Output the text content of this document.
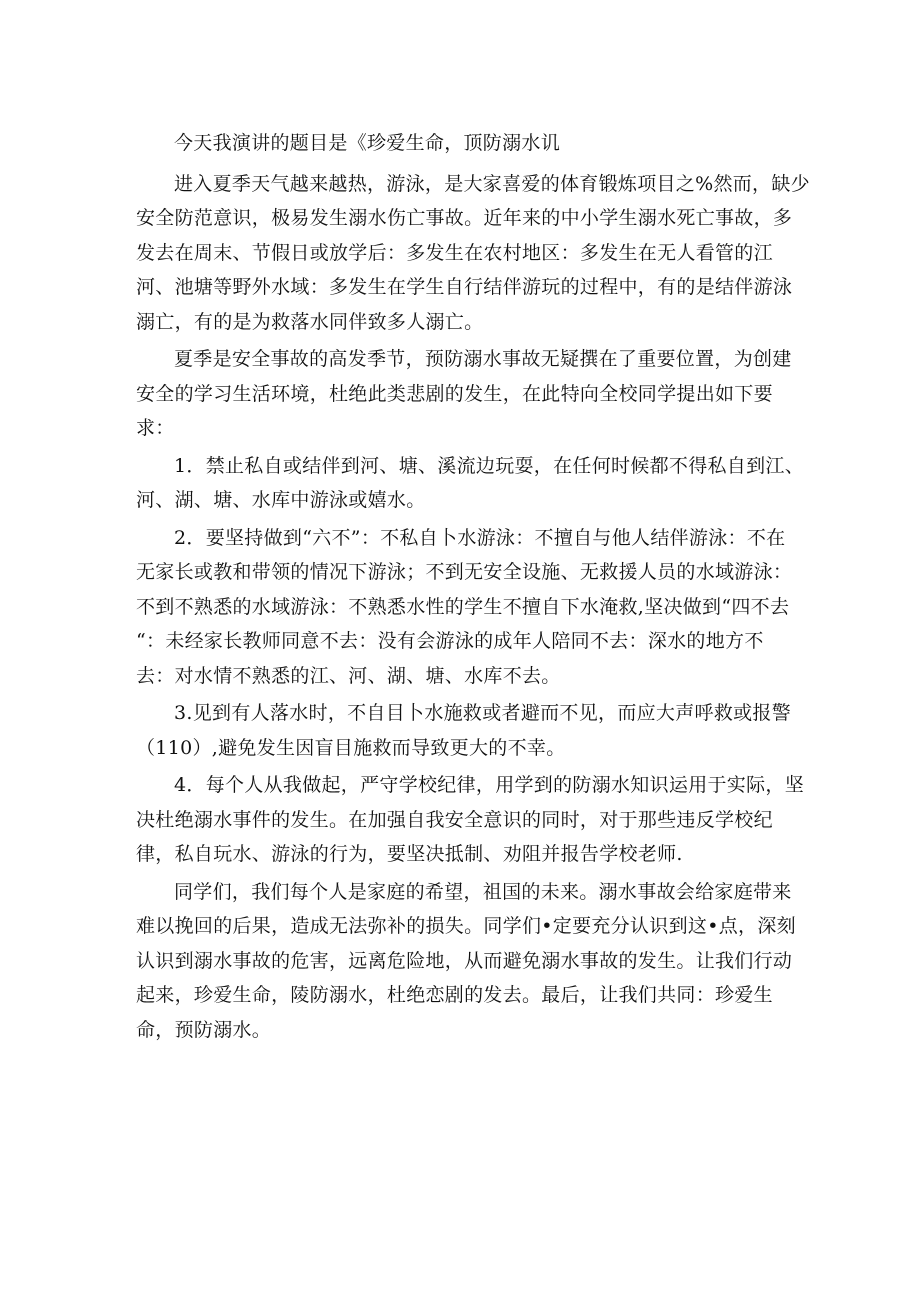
今天我演讲的题目是《珍爱生命，顶防溺水讥

进入夏季天气越来越热，游泳，是大家喜爱的体育锻炼项目之%然而，缺少
安全防范意识，极易发生溺水伤亡事故。近年来的中小学生溺水死亡事故，多
发去在周末、节假日或放学后：多发生在农村地区：多发生在无人看管的江
河、池塘等野外水域：多发生在学生自行结伴游玩的过程中，有的是结伴游泳
溺亡，有的是为救落水同伴致多人溺亡。

夏季是安全事故的高发季节，预防溺水事故无疑撰在了重要位置，为创建
安全的学习生活环境，杜绝此类悲剧的发生，在此特向全校同学提出如下要
求：

1．禁止私自或结伴到河、塘、溪流边玩耍，在任何时候都不得私自到江、
河、湖、塘、水库中游泳或嬉水。

2．要坚持做到“六不”：不私自卜水游泳：不擅自与他人结伴游泳：不在
无家长或教和带领的情况下游泳；不到无安全设施、无救援人员的水域游泳：
不到不熟悉的水域游泳：不熟悉水性的学生不擅自下水淹救,坚决做到“四不去
“：未经家长教师同意不去：没有会游泳的成年人陪同不去：深水的地方不
去：对水情不熟悉的江、河、湖、塘、水库不去。

3.见到有人落水时，不自目卜水施救或者避而不见，而应大声呼救或报警
（110）,避免发生因盲目施救而导致更大的不幸。

4．每个人从我做起，严守学校纪律，用学到的防溺水知识运用于实际，坚
决杜绝溺水事件的发生。在加强自我安全意识的同时，对于那些违反学校纪
律，私自玩水、游泳的行为，要坚决抵制、劝阻并报告学校老师.

同学们，我们每个人是家庭的希望，祖国的未来。溺水事故会给家庭带来
难以挽回的后果，造成无法弥补的损失。同学们•定要充分认识到这•点，深刻
认识到溺水事故的危害，远离危险地，从而避免溺水事故的发生。让我们行动
起来，珍爱生命，陵防溺水，杜绝恋剧的发去。最后，让我们共同：珍爱生
命，预防溺水。
